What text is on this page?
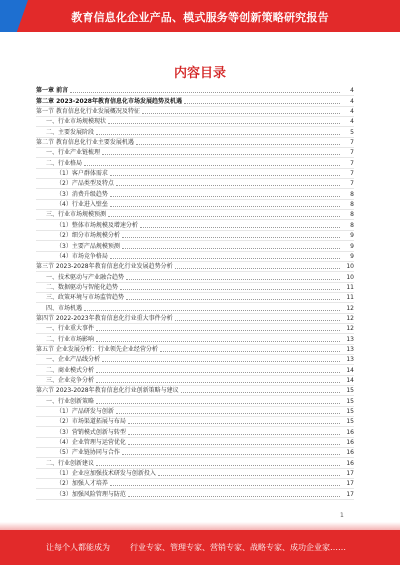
教育信息化企业产品、模式服务等创新策略研究报告
内容目录
第一章 前言	4
第二章 2023-2028年教育信息化市场发展趋势及机遇	4
第一节 教育信息化行业发展概况及特征	4
一、行业市场规模现状	4
二、主要发展阶段	5
第二节 教育信息化行业主要发展机遇	7
一、行业产业链梳理	7
二、行业格局	7
（1）客户群体需求	7
（2）产品类型及特点	7
（3）消费升级趋势	8
（4）行业进入壁垒	8
三、行业市场规模预测	8
（1）整体市场规模及增速分析	8
（2）细分市场规模分析	9
（3）主要产品规模预测	9
（4）市场竞争格局	9
第三节 2023-2028年教育信息化行业发展趋势分析	10
一、技术驱动与产业融合趋势	10
二、数据驱动与智能化趋势	11
三、政策环境与市场监管趋势	11
四、市场机遇	12
第四节 2022-2023年教育信息化行业重大事件分析	12
一、行业重大事件	12
二、行业市场影响	13
第五节 企业发展分析：行业领先企业经营分析	13
一、企业产品线分析	13
二、商业模式分析	14
三、企业竞争分析	14
第六节 2023-2028年教育信息化行业创新策略与建议	15
一、行业创新策略	15
（1）产品研发与创新	15
（2）市场渠道拓展与布局	15
（3）营销模式创新与转型	16
（4）企业管理与运营优化	16
（5）产业链协同与合作	16
二、行业创新建议	16
（1）企业应加强技术研发与创新投入	17
（2）加强人才培养	17
（3）加强风险管理与防范	17
1
让每个人都能成为	行业专家、管理专家、营销专家、战略专家、成功企业家……
